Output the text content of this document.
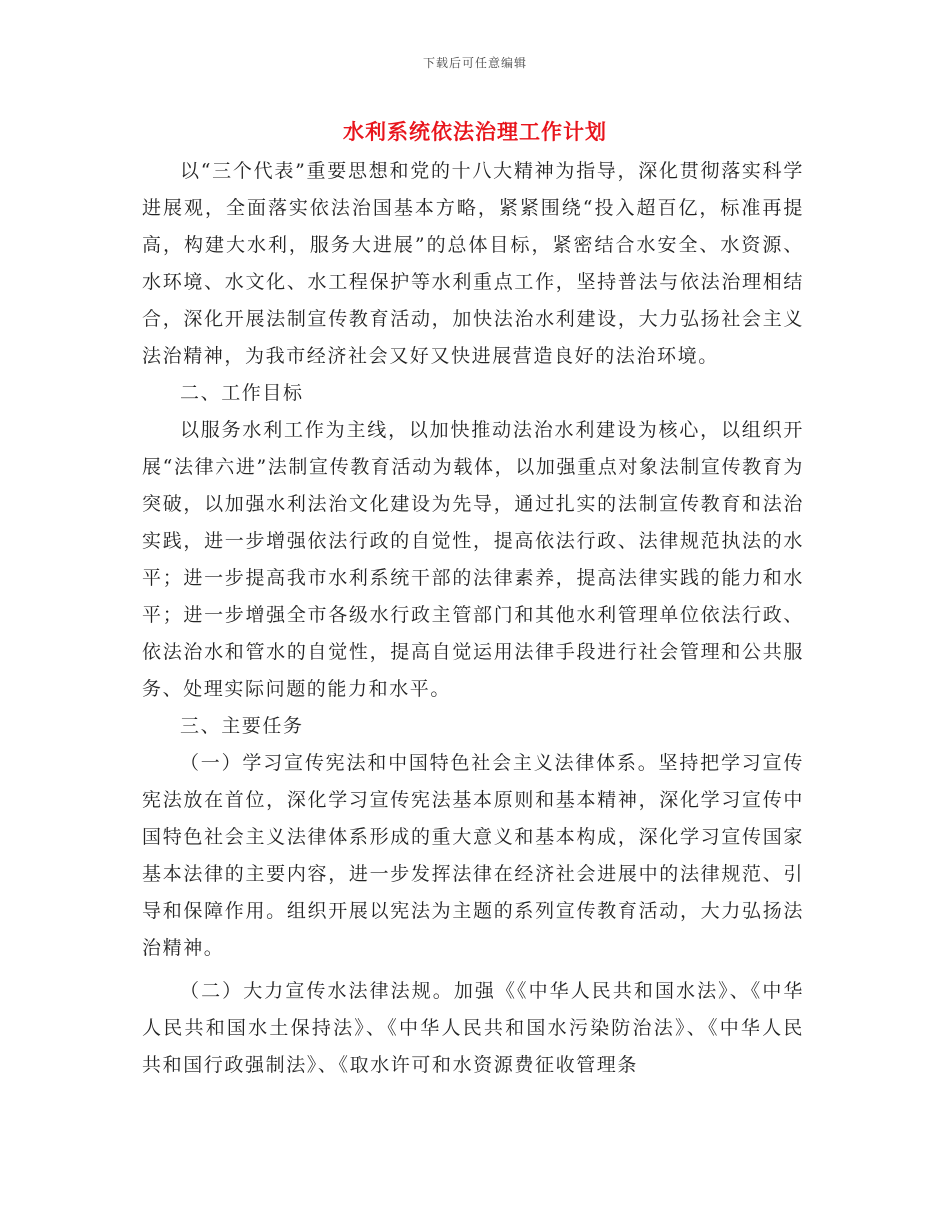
下载后可任意编辑
水利系统依法治理工作计划

以“三个代表”重要思想和党的十八大精神为指导，深化贯彻落实科学进展观，全面落实依法治国基本方略，紧紧围绕“投入超百亿，标准再提高，构建大水利，服务大进展”的总体目标，紧密结合水安全、水资源、水环境、水文化、水工程保护等水利重点工作，坚持普法与依法治理相结合，深化开展法制宣传教育活动，加快法治水利建设，大力弘扬社会主义法治精神，为我市经济社会又好又快进展营造良好的法治环境。

二、工作目标

以服务水利工作为主线，以加快推动法治水利建设为核心，以组织开展“法律六进”法制宣传教育活动为载体，以加强重点对象法制宣传教育为突破，以加强水利法治文化建设为先导，通过扎实的法制宣传教育和法治实践，进一步增强依法行政的自觉性，提高依法行政、法律规范执法的水平；进一步提高我市水利系统干部的法律素养，提高法律实践的能力和水平；进一步增强全市各级水行政主管部门和其他水利管理单位依法行政、依法治水和管水的自觉性，提高自觉运用法律手段进行社会管理和公共服务、处理实际问题的能力和水平。

三、主要任务

（一）学习宣传宪法和中国特色社会主义法律体系。坚持把学习宣传宪法放在首位，深化学习宣传宪法基本原则和基本精神，深化学习宣传中国特色社会主义法律体系形成的重大意义和基本构成，深化学习宣传国家基本法律的主要内容，进一步发挥法律在经济社会进展中的法律规范、引导和保障作用。组织开展以宪法为主题的系列宣传教育活动，大力弘扬法治精神。

（二）大力宣传水法律法规。加强《《中华人民共和国水法》、《中华人民共和国水土保持法》、《中华人民共和国水污染防治法》、《中华人民共和国行政强制法》、《取水许可和水资源费征收管理条
